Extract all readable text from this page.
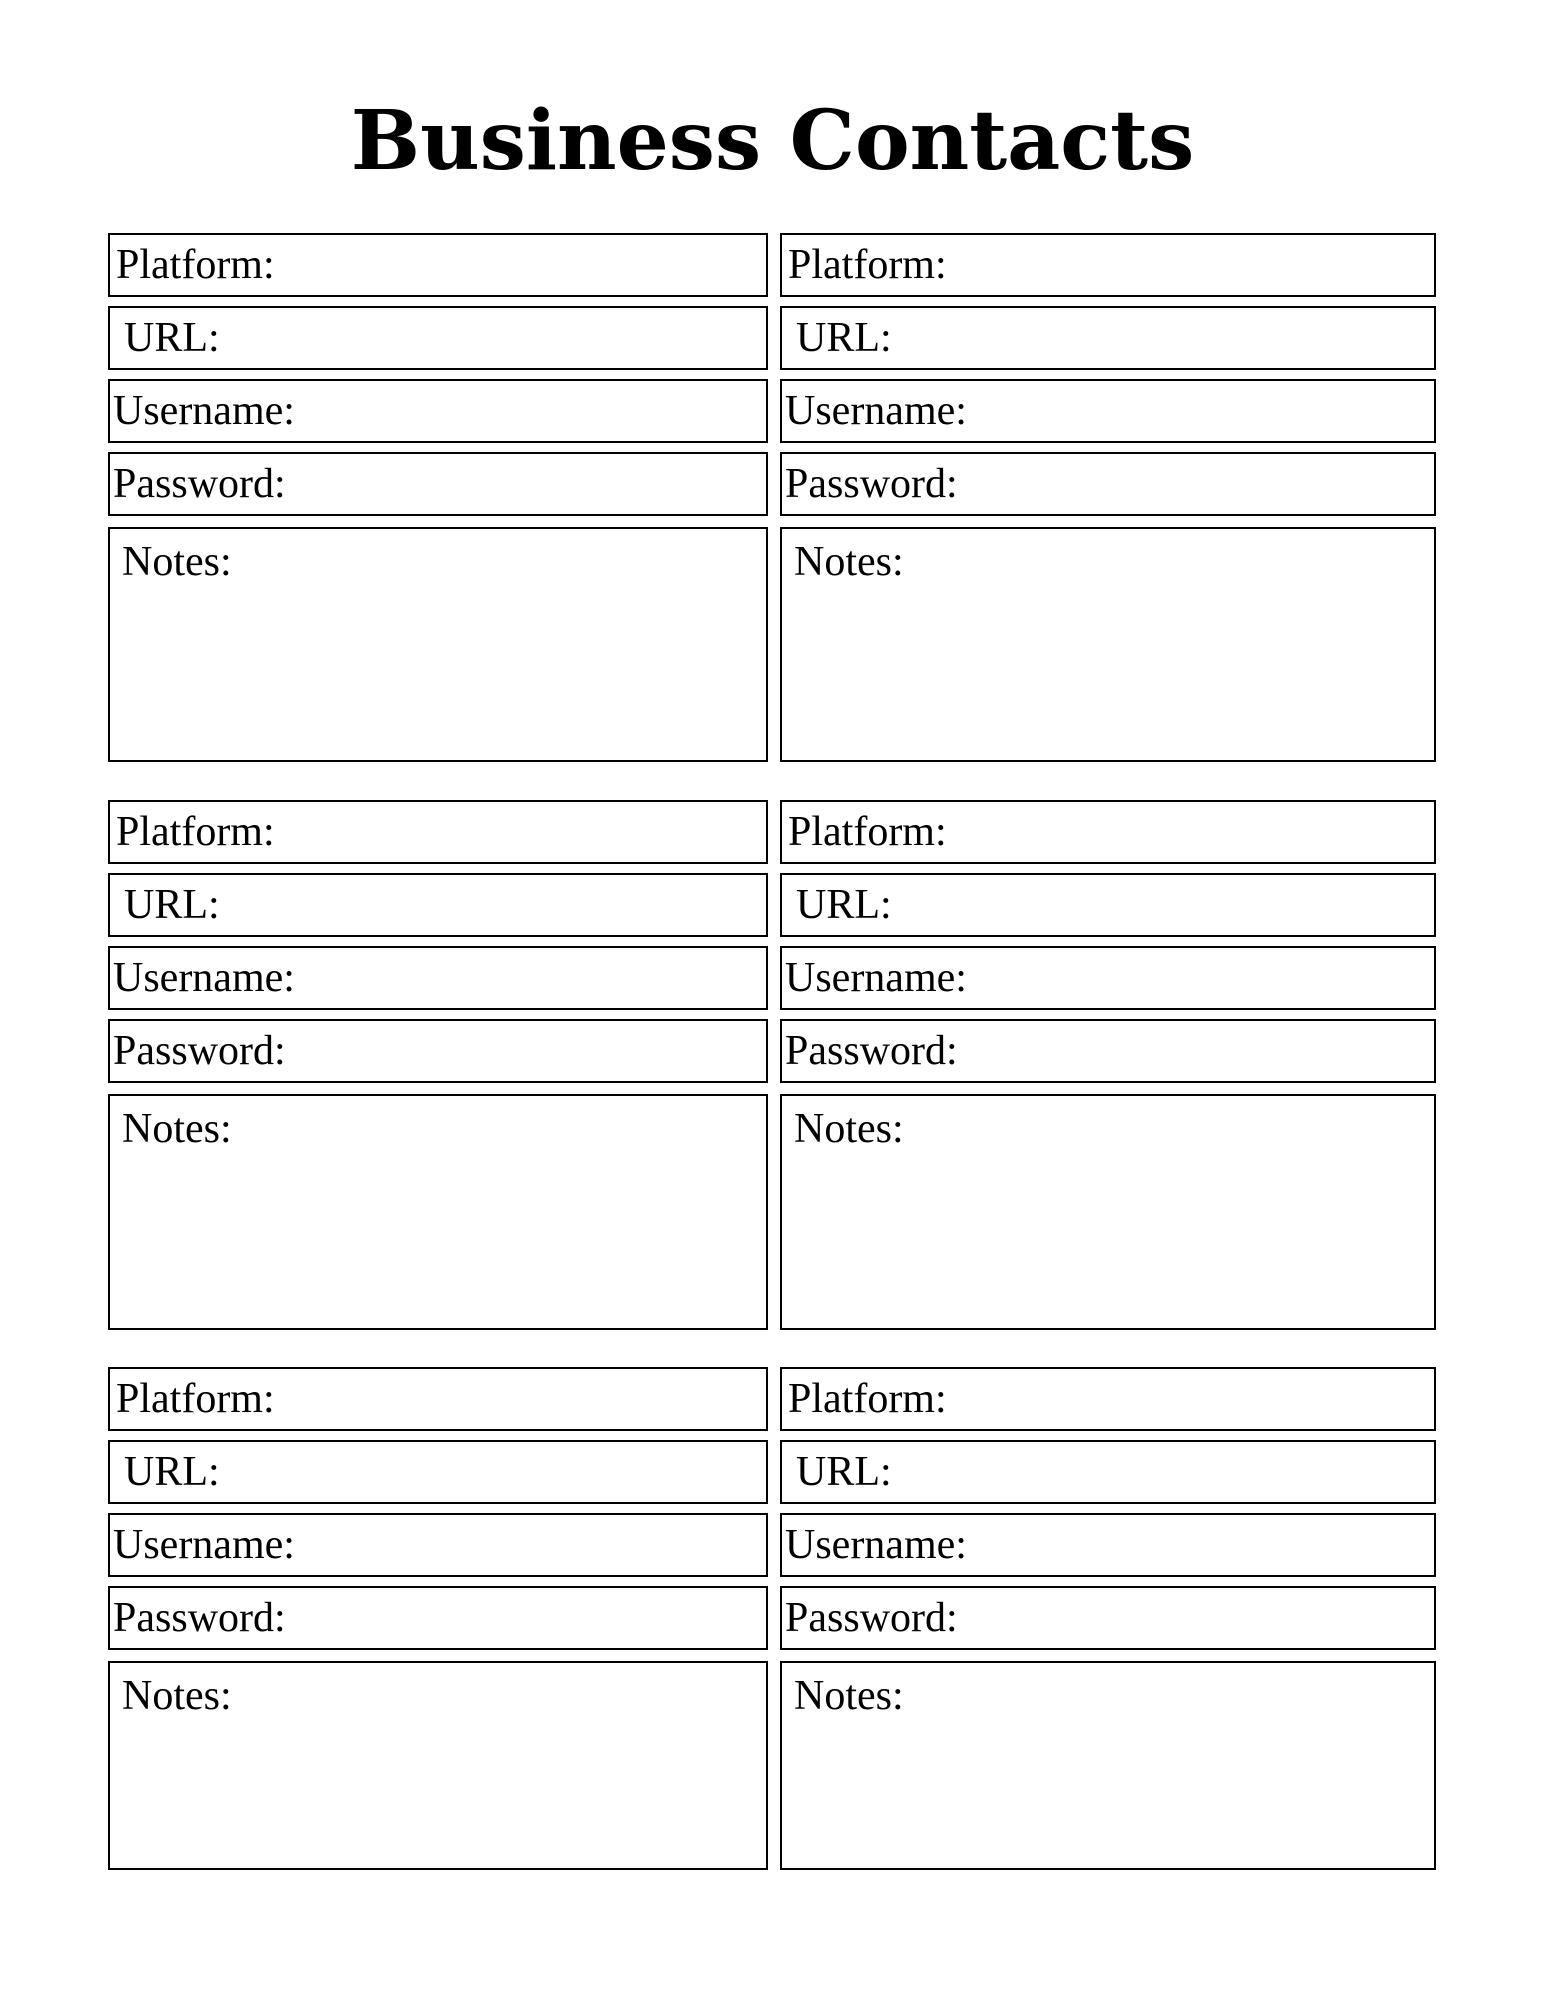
Business Contacts
Platform:
URL:
Username:
Password:
Notes:
Platform:
URL:
Username:
Password:
Notes:
Platform:
URL:
Username:
Password:
Notes:
Platform:
URL:
Username:
Password:
Notes:
Platform:
URL:
Username:
Password:
Notes:
Platform:
URL:
Username:
Password:
Notes:
